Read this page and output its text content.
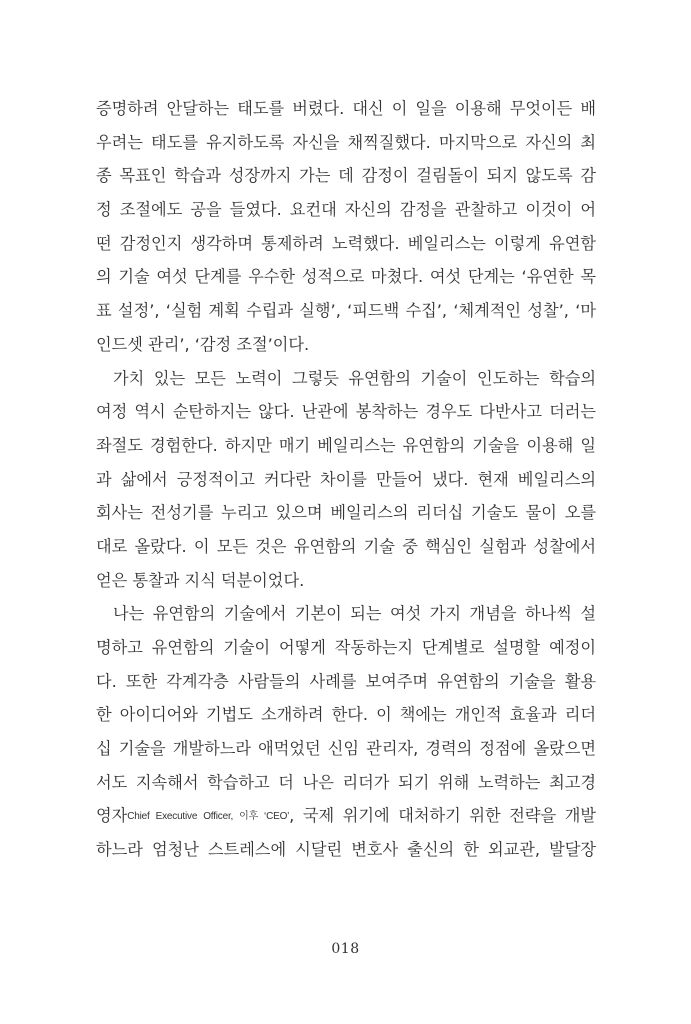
증명하려 안달하는 태도를 버렸다. 대신 이 일을 이용해 무엇이든 배
우려는 태도를 유지하도록 자신을 채찍질했다. 마지막으로 자신의 최
종 목표인 학습과 성장까지 가는 데 감정이 걸림돌이 되지 않도록 감
정 조절에도 공을 들였다. 요컨대 자신의 감정을 관찰하고 이것이 어
떤 감정인지 생각하며 통제하려 노력했다. 베일리스는 이렇게 유연함
의 기술 여섯 단계를 우수한 성적으로 마쳤다. 여섯 단계는 ‘유연한 목
표 설정’, ‘실험 계획 수립과 실행’, ‘피드백 수집’, ‘체계적인 성찰’, ‘마
인드셋 관리’, ‘감정 조절’이다.
가치 있는 모든 노력이 그렇듯 유연함의 기술이 인도하는 학습의
여정 역시 순탄하지는 않다. 난관에 봉착하는 경우도 다반사고 더러는
좌절도 경험한다. 하지만 매기 베일리스는 유연함의 기술을 이용해 일
과 삶에서 긍정적이고 커다란 차이를 만들어 냈다. 현재 베일리스의
회사는 전성기를 누리고 있으며 베일리스의 리더십 기술도 물이 오를
대로 올랐다. 이 모든 것은 유연함의 기술 중 핵심인 실험과 성찰에서
얻은 통찰과 지식 덕분이었다.
나는 유연함의 기술에서 기본이 되는 여섯 가지 개념을 하나씩 설
명하고 유연함의 기술이 어떻게 작동하는지 단계별로 설명할 예정이
다. 또한 각계각층 사람들의 사례를 보여주며 유연함의 기술을 활용
한 아이디어와 기법도 소개하려 한다. 이 책에는 개인적 효율과 리더
십 기술을 개발하느라 애먹었던 신임 관리자, 경력의 정점에 올랐으면
서도 지속해서 학습하고 더 나은 리더가 되기 위해 노력하는 최고경
영자Chief Executive Officer, 이후 ‘CEO’, 국제 위기에 대처하기 위한 전략을 개발
하느라 엄청난 스트레스에 시달린 변호사 출신의 한 외교관, 발달장
018
